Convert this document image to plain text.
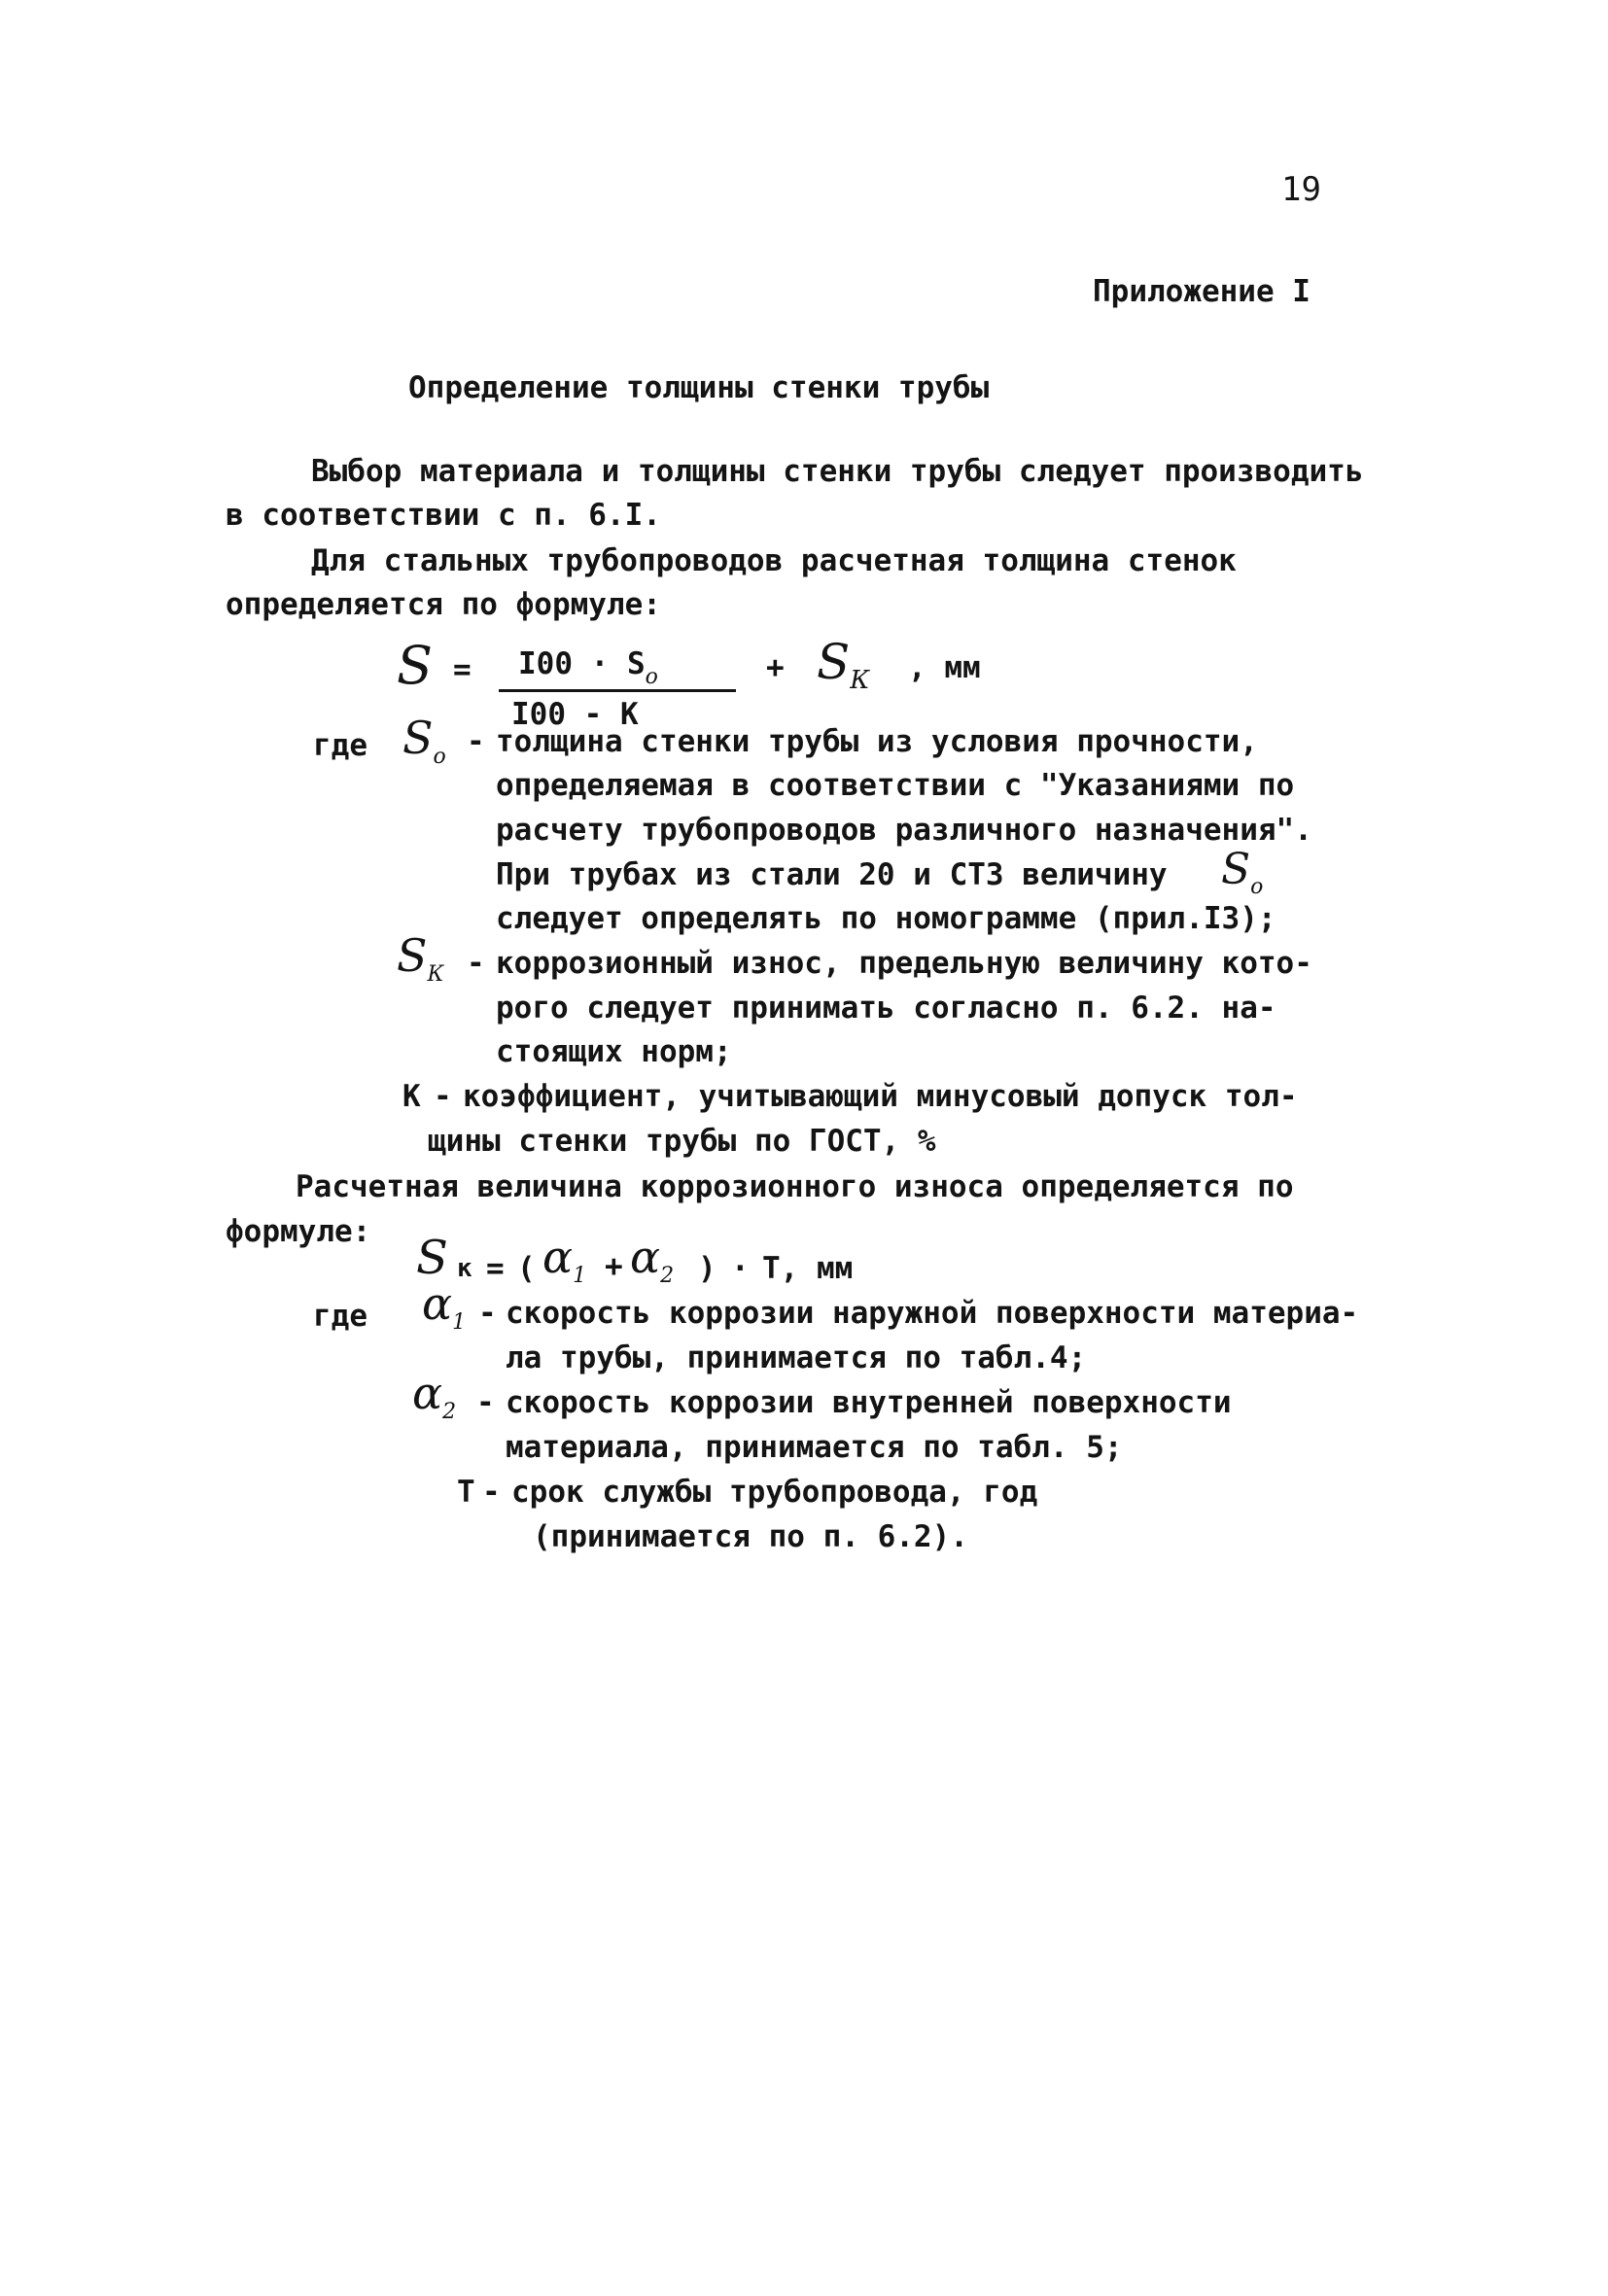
19
Приложение I
Определение толщины стенки трубы
Выбор материала и толщины стенки трубы следует производить
в соответствии с п. 6.I.
Для стальных трубопроводов расчетная толщина стенок
определяется по формуле:
$S = I00 \cdot S_o$
I00 - К
+ $S_К$ , мм
где $S_o$ - толщина стенки трубы из условия прочности,
определяемая в соответствии с "Указаниями по
расчету трубопроводов различного назначения".
При трубах из стали 20 и СТ3 величину $S_o$
следует определять по номограмме (прил.I3);
$S_К$ - коррозионный износ, предельную величину кото-
рого следует принимать согласно п. 6.2. на-
стоящих норм;
К - коэффициент, учитывающий минусовый допуск тол-
щины стенки трубы по ГОСТ, %
Расчетная величина коррозионного износа определяется по
формуле: S к = ( $\alpha_1 + \alpha_2$ ) · Т, мм
где $\alpha_1$ - скорость коррозии наружной поверхности материа-
ла трубы, принимается по табл.4;
$\alpha_2$ - скорость коррозии внутренней поверхности
материала, принимается по табл. 5;
Т - срок службы трубопровода, год
(принимается по п. 6.2).
